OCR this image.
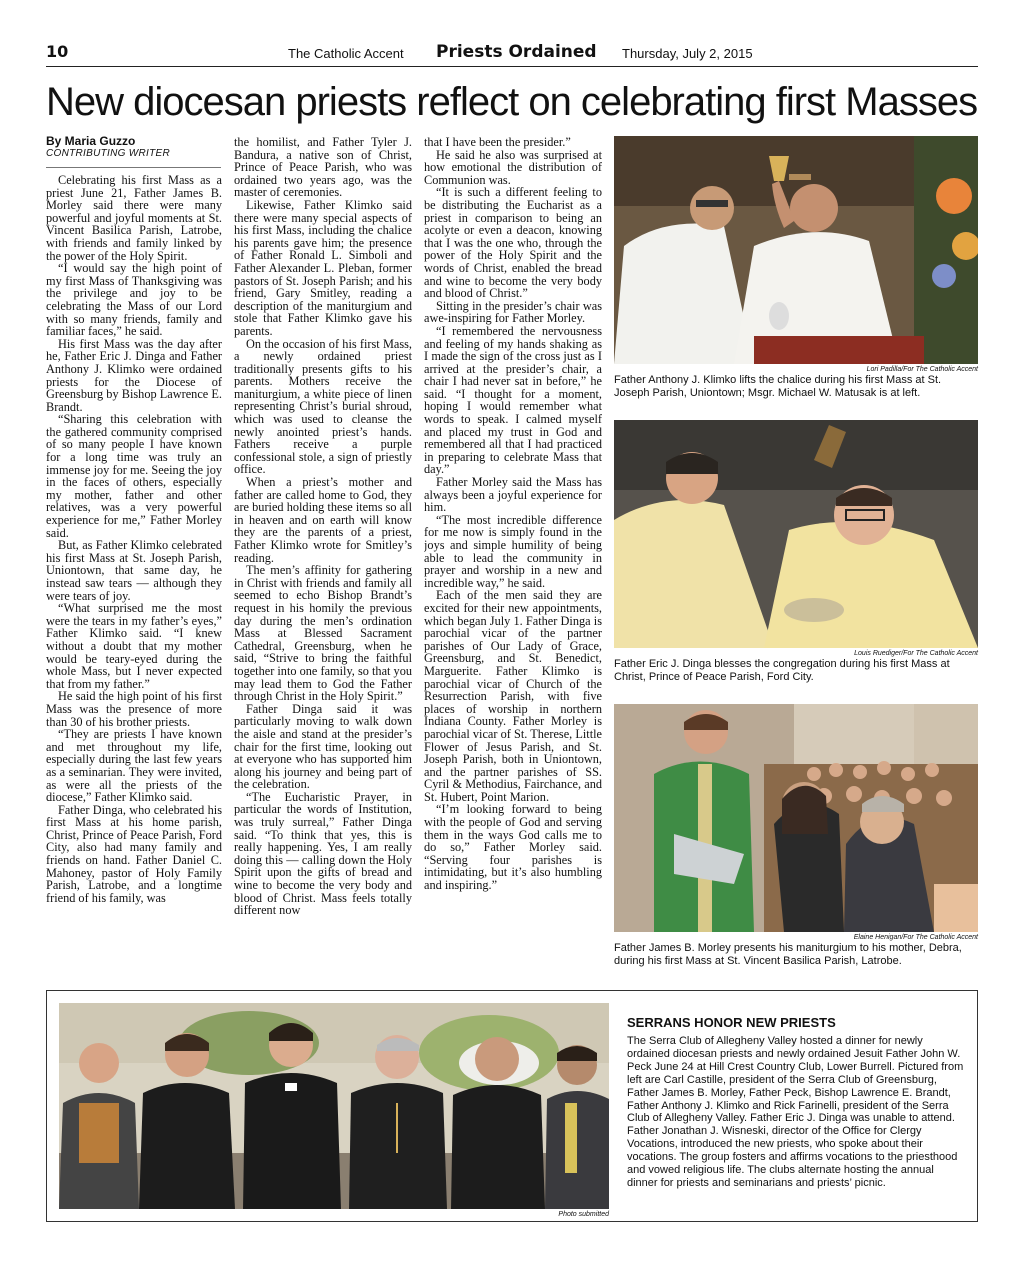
10	The Catholic Accent Priests Ordained Thursday, July 2, 2015
New diocesan priests reflect on celebrating first Masses
By Maria Guzzo
CONTRIBUTING WRITER

Celebrating his first Mass as a priest June 21, Father James B. Morley said there were many powerful and joyful moments at St. Vincent Basilica Parish, Latrobe, with friends and family linked by the power of the Holy Spirit.

“I would say the high point of my first Mass of Thanksgiving was the privilege and joy to be celebrating the Mass of our Lord with so many friends, family and familiar faces,” he said.

His first Mass was the day after he, Father Eric J. Dinga and Father Anthony J. Klimko were ordained priests for the Diocese of Greensburg by Bishop Lawrence E. Brandt.

“Sharing this celebration with the gathered community comprised of so many people I have known for a long time was truly an immense joy for me. Seeing the joy in the faces of others, especially my mother, father and other relatives, was a very powerful experience for me,” Father Morley said.

But, as Father Klimko celebrated his first Mass at St. Joseph Parish, Uniontown, that same day, he instead saw tears — although they were tears of joy.

“What surprised me the most were the tears in my father’s eyes,” Father Klimko said. “I knew without a doubt that my mother would be teary-eyed during the whole Mass, but I never expected that from my father.”

He said the high point of his first Mass was the presence of more than 30 of his brother priests.

“They are priests I have known and met throughout my life, especially during the last few years as a seminarian. They were invited, as were all the priests of the diocese,” Father Klimko said.

Father Dinga, who celebrated his first Mass at his home parish, Christ, Prince of Peace Parish, Ford City, also had many family and friends on hand. Father Daniel C. Mahoney, pastor of Holy Family Parish, Latrobe, and a longtime friend of his family, was

the homilist, and Father Tyler J. Bandura, a native son of Christ, Prince of Peace Parish, who was ordained two years ago, was the master of ceremonies.

Likewise, Father Klimko said there were many special aspects of his first Mass, including the chalice his parents gave him; the presence of Father Ronald L. Simboli and Father Alexander L. Pleban, former pastors of St. Joseph Parish; and his friend, Gary Smitley, reading a description of the maniturgium and stole that Father Klimko gave his parents.

On the occasion of his first Mass, a newly ordained priest traditionally presents gifts to his parents. Mothers receive the maniturgium, a white piece of linen representing Christ’s burial shroud, which was used to cleanse the newly anointed priest’s hands. Fathers receive a purple confessional stole, a sign of priestly office.

When a priest’s mother and father are called home to God, they are buried holding these items so all in heaven and on earth will know they are the parents of a priest, Father Klimko wrote for Smitley’s reading.

The men’s affinity for gathering in Christ with friends and family all seemed to echo Bishop Brandt’s request in his homily the previous day during the men’s ordination Mass at Blessed Sacrament Cathedral, Greensburg, when he said, “Strive to bring the faithful together into one family, so that you may lead them to God the Father through Christ in the Holy Spirit.”

Father Dinga said it was particularly moving to walk down the aisle and stand at the presider’s chair for the first time, looking out at everyone who has supported him along his journey and being part of the celebration.

“The Eucharistic Prayer, in particular the words of Institution, was truly surreal,” Father Dinga said. “To think that yes, this is really happening. Yes, I am really doing this — calling down the Holy Spirit upon the gifts of bread and wine to become the very body and blood of Christ. Mass feels totally different now

that I have been the presider.”

He said he also was surprised at how emotional the distribution of Communion was.

“It is such a different feeling to be distributing the Eucharist as a priest in comparison to being an acolyte or even a deacon, knowing that I was the one who, through the power of the Holy Spirit and the words of Christ, enabled the bread and wine to become the very body and blood of Christ.”

Sitting in the presider’s chair was awe-inspiring for Father Morley.

“I remembered the nervousness and feeling of my hands shaking as I made the sign of the cross just as I arrived at the presider’s chair, a chair I had never sat in before,” he said. “I thought for a moment, hoping I would remember what words to speak. I calmed myself and placed my trust in God and remembered all that I had practiced in preparing to celebrate Mass that day.”

Father Morley said the Mass has always been a joyful experience for him.

“The most incredible difference for me now is simply found in the joys and simple humility of being able to lead the community in prayer and worship in a new and incredible way,” he said.

Each of the men said they are excited for their new appointments, which began July 1. Father Dinga is parochial vicar of the partner parishes of Our Lady of Grace, Greensburg, and St. Benedict, Marguerite. Father Klimko is parochial vicar of Church of the Resurrection Parish, with five places of worship in northern Indiana County. Father Morley is parochial vicar of St. Therese, Little Flower of Jesus Parish, and St. Joseph Parish, both in Uniontown, and the partner parishes of SS. Cyril & Methodius, Fairchance, and St. Hubert, Point Marion.

“I’m looking forward to being with the people of God and serving them in the ways God calls me to do so,” Father Morley said. “Serving four parishes is intimidating, but it’s also humbling and inspiring.”

Lori Padilla/For The Catholic Accent
Father Anthony J. Klimko lifts the chalice during his first Mass at St. Joseph Parish, Uniontown; Msgr. Michael W. Matusak is at left.
Louis Ruediger/For The Catholic Accent
Father Eric J. Dinga blesses the congregation during his first Mass at Christ, Prince of Peace Parish, Ford City.
Elaine Henigan/For The Catholic Accent
Father James B. Morley presents his maniturgium to his mother, Debra, during his first Mass at St. Vincent Basilica Parish, Latrobe.
Photo submitted
SERRANS HONOR NEW PRIESTS
The Serra Club of Allegheny Valley hosted a dinner for newly ordained diocesan priests and newly ordained Jesuit Father John W. Peck June 24 at Hill Crest Country Club, Lower Burrell. Pictured from left are Carl Castille, president of the Serra Club of Greensburg, Father James B. Morley, Father Peck, Bishop Lawrence E. Brandt, Father Anthony J. Klimko and Rick Farinelli, president of the Serra Club of Allegheny Valley. Father Eric J. Dinga was unable to attend. Father Jonathan J. Wisneski, director of the Office for Clergy Vocations, introduced the new priests, who spoke about their vocations. The group fosters and affirms vocations to the priesthood and vowed religious life. The clubs alternate hosting the annual dinner for priests and seminarians and priests’ picnic.
